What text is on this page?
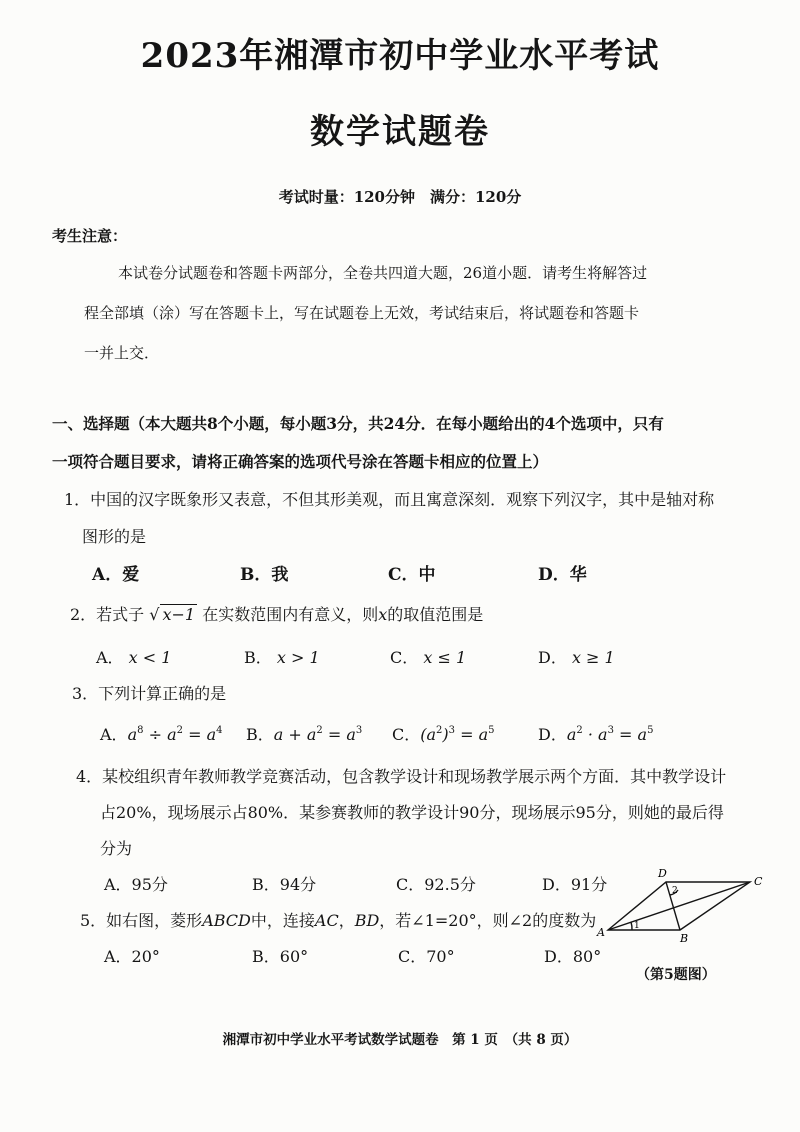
2023年湘潭市初中学业水平考试
数学试题卷
考试时量：120分钟　满分：120分
考生注意：
本试卷分试题卷和答题卡两部分，全卷共四道大题，26道小题．请考生将解答过
程全部填（涂）写在答题卡上，写在试题卷上无效，考试结束后，将试题卷和答题卡
一并上交．
一、选择题（本大题共8个小题，每小题3分，共24分．在每小题给出的4个选项中，只有
一项符合题目要求，请将正确答案的选项代号涂在答题卡相应的位置上）
1．中国的汉字既象形又表意，不但其形美观，而且寓意深刻．观察下列汉字，其中是轴对称
图形的是
A．爱	B．我	C．中	D．华
2．若式子 √ x−1 在实数范围内有意义，则x的取值范围是
A． x < 1	B． x > 1	C． x ≤ 1	D． x ≥ 1
3．下列计算正确的是
A．$a^8 \div a^2 = a^4$ B．$a + a^2 = a^3$ C．$(a^2)^3 = a^5$	D．$a^2 \cdot a^3 = a^5$
4．某校组织青年教师教学竞赛活动，包含教学设计和现场教学展示两个方面．其中教学设计
占20%，现场展示占80%．某参赛教师的教学设计90分，现场展示95分，则她的最后得
分为
A．95分	B．94分	C．92.5分	D．91分
5．如右图，菱形ABCD中，连接AC，BD，若∠1=20°，则∠2的度数为
A．20°	B．60°	C．70°	D．80°
D
C
A	B
1
2
（第5题图）
湘潭市初中学业水平考试数学试题卷　第 1 页　（共 8 页）
